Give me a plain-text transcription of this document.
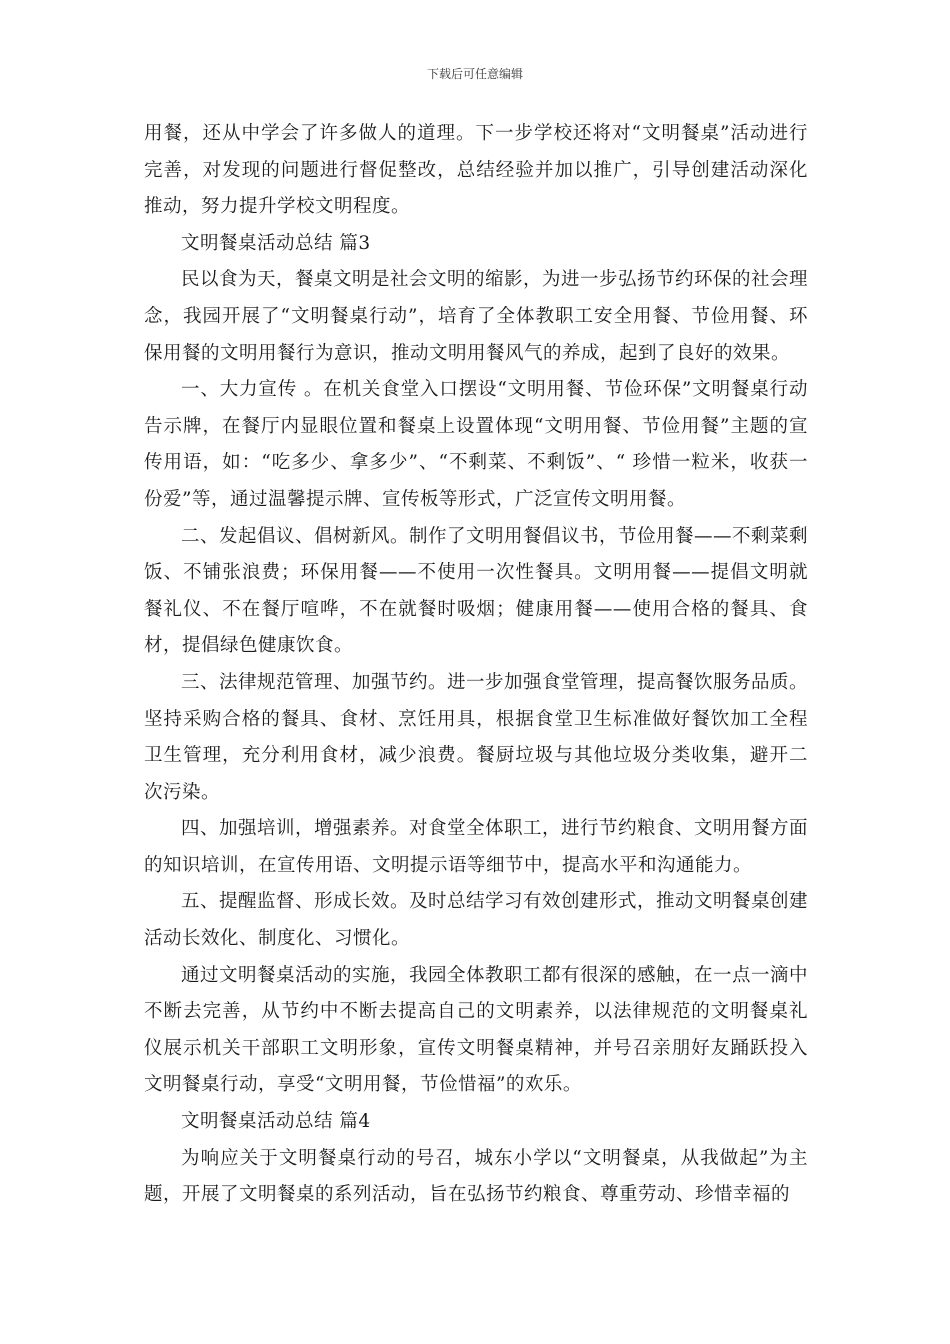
下载后可任意编辑

用餐，还从中学会了许多做人的道理。下一步学校还将对“文明餐桌”活动进行完善，对发现的问题进行督促整改，总结经验并加以推广，引导创建活动深化推动，努力提升学校文明程度。

文明餐桌活动总结 篇3

民以食为天，餐桌文明是社会文明的缩影，为进一步弘扬节约环保的社会理念，我园开展了“文明餐桌行动”，培育了全体教职工安全用餐、节俭用餐、环保用餐的文明用餐行为意识，推动文明用餐风气的养成，起到了良好的效果。

一、大力宣传 。在机关食堂入口摆设“文明用餐、节俭环保”文明餐桌行动告示牌，在餐厅内显眼位置和餐桌上设置体现“文明用餐、节俭用餐”主题的宣传用语，如：“吃多少、拿多少”、“不剩菜、不剩饭”、“ 珍惜一粒米，收获一份爱”等，通过温馨提示牌、宣传板等形式，广泛宣传文明用餐。

二、发起倡议、倡树新风。制作了文明用餐倡议书，节俭用餐——不剩菜剩饭、不铺张浪费；环保用餐——不使用一次性餐具。文明用餐——提倡文明就餐礼仪、不在餐厅喧哗，不在就餐时吸烟；健康用餐——使用合格的餐具、食材，提倡绿色健康饮食。

三、法律规范管理、加强节约。进一步加强食堂管理，提高餐饮服务品质。坚持采购合格的餐具、食材、烹饪用具，根据食堂卫生标准做好餐饮加工全程卫生管理，充分利用食材，减少浪费。餐厨垃圾与其他垃圾分类收集，避开二次污染。

四、加强培训，增强素养。对食堂全体职工，进行节约粮食、文明用餐方面的知识培训，在宣传用语、文明提示语等细节中，提高水平和沟通能力。

五、提醒监督、形成长效。及时总结学习有效创建形式，推动文明餐桌创建活动长效化、制度化、习惯化。

通过文明餐桌活动的实施，我园全体教职工都有很深的感触，在一点一滴中不断去完善，从节约中不断去提高自己的文明素养，以法律规范的文明餐桌礼仪展示机关干部职工文明形象，宣传文明餐桌精神，并号召亲朋好友踊跃投入文明餐桌行动，享受“文明用餐，节俭惜福”的欢乐。

文明餐桌活动总结 篇4

为响应关于文明餐桌行动的号召，城东小学以“文明餐桌，从我做起”为主题，开展了文明餐桌的系列活动，旨在弘扬节约粮食、尊重劳动、珍惜幸福的
